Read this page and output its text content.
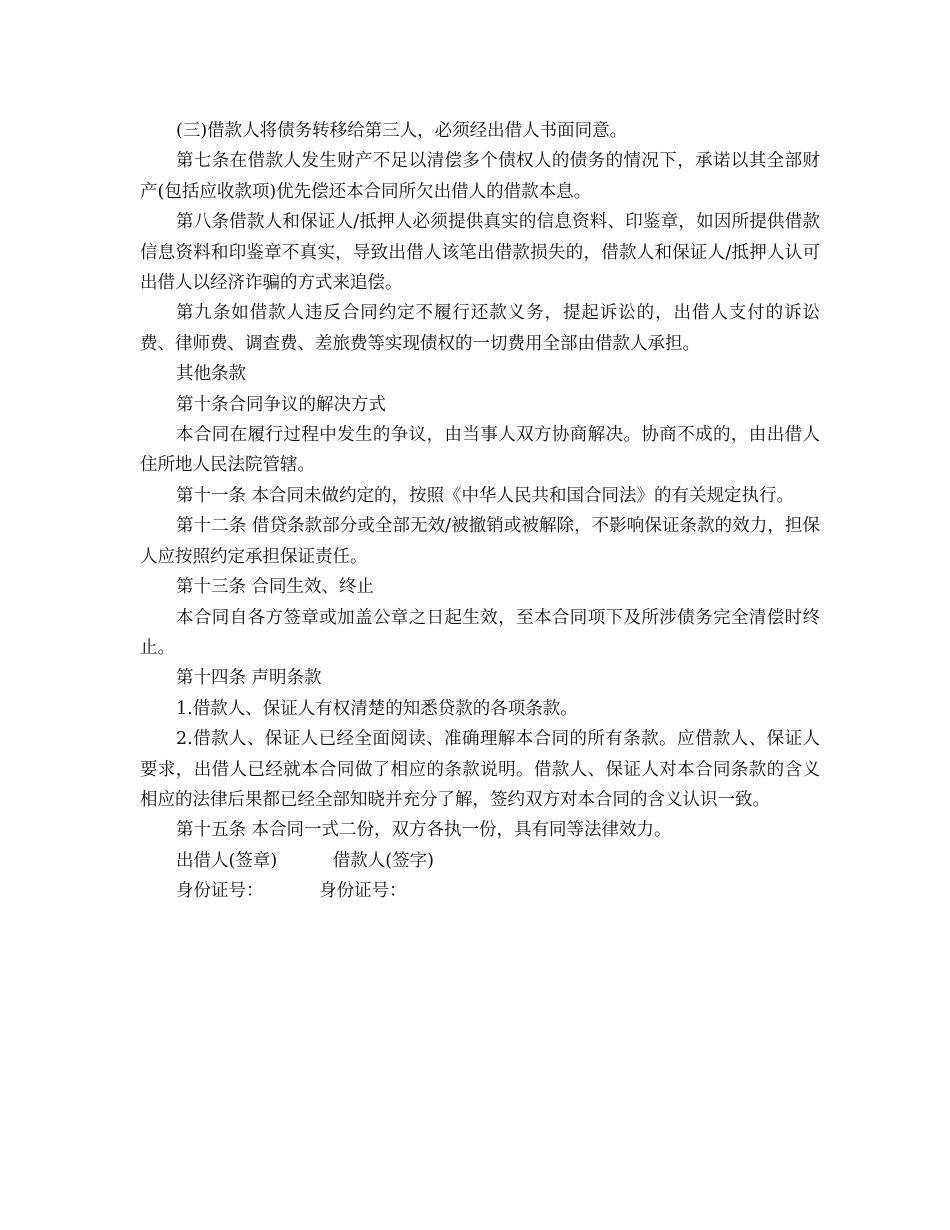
(三)借款人将债务转移给第三人，必须经出借人书面同意。

第七条在借款人发生财产不足以清偿多个债权人的债务的情况下，承诺以其全部财产(包括应收款项)优先偿还本合同所欠出借人的借款本息。

第八条借款人和保证人/抵押人必须提供真实的信息资料、印鉴章，如因所提供借款信息资料和印鉴章不真实，导致出借人该笔出借款损失的，借款人和保证人/抵押人认可出借人以经济诈骗的方式来追偿。

第九条如借款人违反合同约定不履行还款义务，提起诉讼的，出借人支付的诉讼费、律师费、调查费、差旅费等实现债权的一切费用全部由借款人承担。

其他条款

第十条合同争议的解决方式

本合同在履行过程中发生的争议，由当事人双方协商解决。协商不成的，由出借人住所地人民法院管辖。

第十一条 本合同未做约定的，按照《中华人民共和国合同法》的有关规定执行。

第十二条 借贷条款部分或全部无效/被撤销或被解除，不影响保证条款的效力，担保人应按照约定承担保证责任。

第十三条 合同生效、终止

本合同自各方签章或加盖公章之日起生效，至本合同项下及所涉债务完全清偿时终止。

第十四条 声明条款

1.借款人、保证人有权清楚的知悉贷款的各项条款。

2.借款人、保证人已经全面阅读、准确理解本合同的所有条款。应借款人、保证人要求，出借人已经就本合同做了相应的条款说明。借款人、保证人对本合同条款的含义相应的法律后果都已经全部知晓并充分了解，签约双方对本合同的含义认识一致。

第十五条 本合同一式二份，双方各执一份，具有同等法律效力。

出借人(签章)	借款人(签字)

身份证号：	身份证号：
